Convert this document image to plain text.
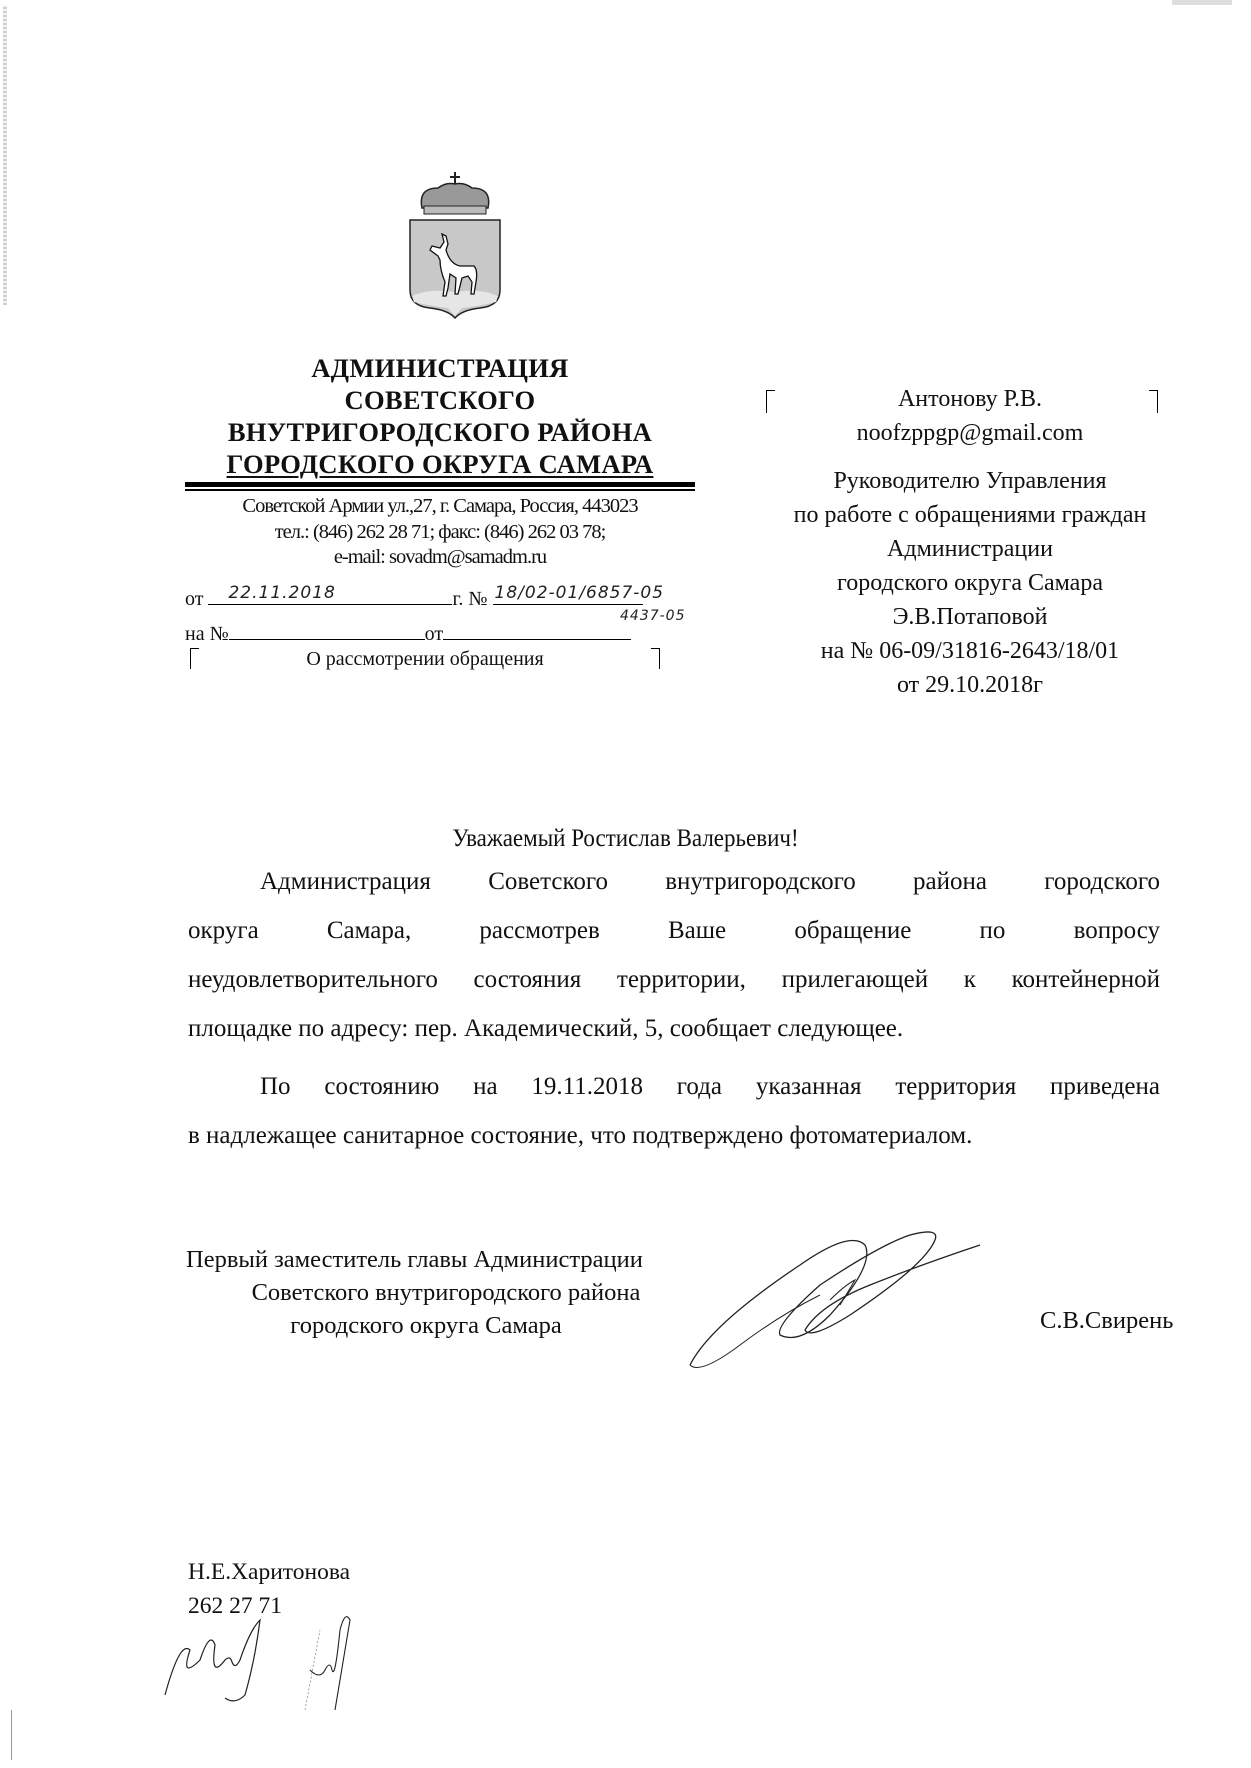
АДМИНИСТРАЦИЯ
СОВЕТСКОГО
ВНУТРИГОРОДСКОГО РАЙОНА
ГОРОДСКОГО ОКРУГА САМАРА
Советской Армии ул.,27, г. Самара, Россия, 443023
тел.: (846) 262 28 71; факс: (846) 262 03 78;
e-mail: sovadm@samadm.ru
от 22.11.2018	г. № 18/02-01/6857-05
4437-05
на №	от
О рассмотрении обращения
Антонову Р.В.
noofzppgp@gmail.com
Руководителю Управления
по работе с обращениями граждан
Администрации
городского округа Самара
Э.В.Потаповой
на № 06-09/31816-2643/18/01
от 29.10.2018г
Уважаемый Ростислав Валерьевич!

Администрация Советского внутригородского района городского

округа Самара, рассмотрев Ваше обращение по вопросу

неудовлетворительного состояния территории, прилегающей к контейнерной

площадке по адресу: пер. Академический, 5, сообщает следующее.

По состоянию на 19.11.2018 года указанная территория приведена

в надлежащее санитарное состояние, что подтверждено фотоматериалом.

Первый заместитель главы Администрации
Советского внутригородского района
городского округа Самара	С.В.Свирень
Н.Е.Харитонова
262 27 71
